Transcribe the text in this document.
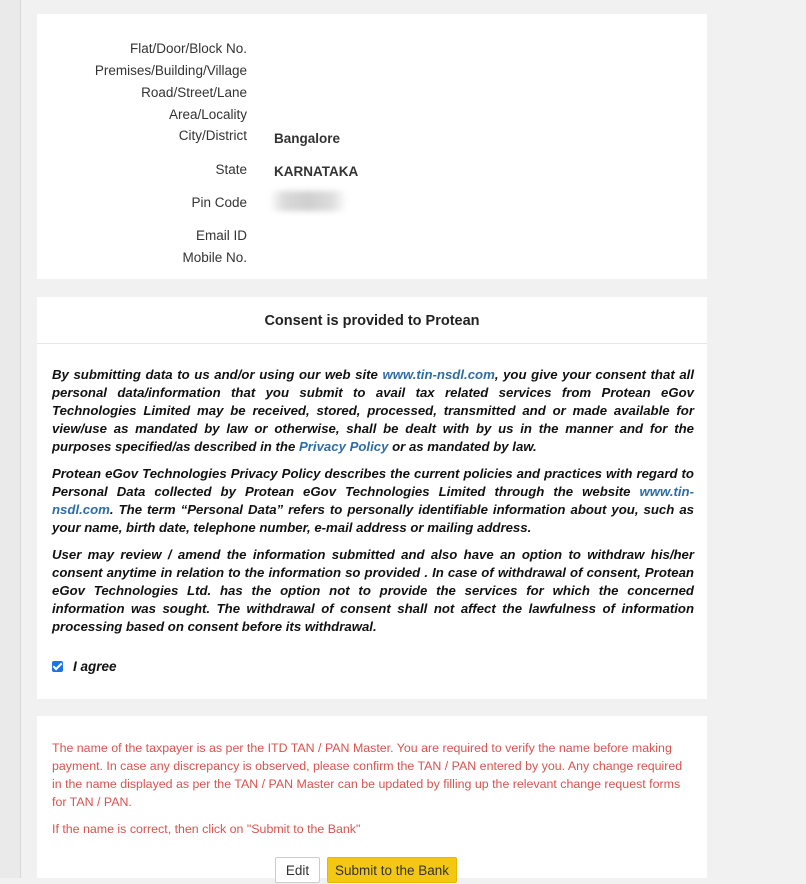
Flat/Door/Block No.
Premises/Building/Village
Road/Street/Lane
Area/Locality
City/District Bangalore
State KARNATAKA
Pin Code
Email ID
Mobile No.
Consent is provided to Protean

By submitting data to us and/or using our web site www.tin-nsdl.com, you give your consent that all personal data/information that you submit to avail tax related services from Protean eGov Technologies Limited may be received, stored, processed, transmitted and or made available for view/use as mandated by law or otherwise, shall be dealt with by us in the manner and for the purposes specified/as described in the Privacy Policy or as mandated by law.

Protean eGov Technologies Privacy Policy describes the current policies and practices with regard to Personal Data collected by Protean eGov Technologies Limited through the website www.tin-nsdl.com. The term “Personal Data” refers to personally identifiable information about you, such as your name, birth date, telephone number, e-mail address or mailing address.

User may review / amend the information submitted and also have an option to withdraw his/her consent anytime in relation to the information so provided . In case of withdrawal of consent, Protean eGov Technologies Ltd. has the option not to provide the services for which the concerned information was sought. The withdrawal of consent shall not affect the lawfulness of information processing based on consent before its withdrawal.

I agree

The name of the taxpayer is as per the ITD TAN / PAN Master. You are required to verify the name before making payment. In case any discrepancy is observed, please confirm the TAN / PAN entered by you. Any change required in the name displayed as per the TAN / PAN Master can be updated by filling up the relevant change request forms for TAN / PAN.

If the name is correct, then click on "Submit to the Bank"

Edit	Submit to the Bank
